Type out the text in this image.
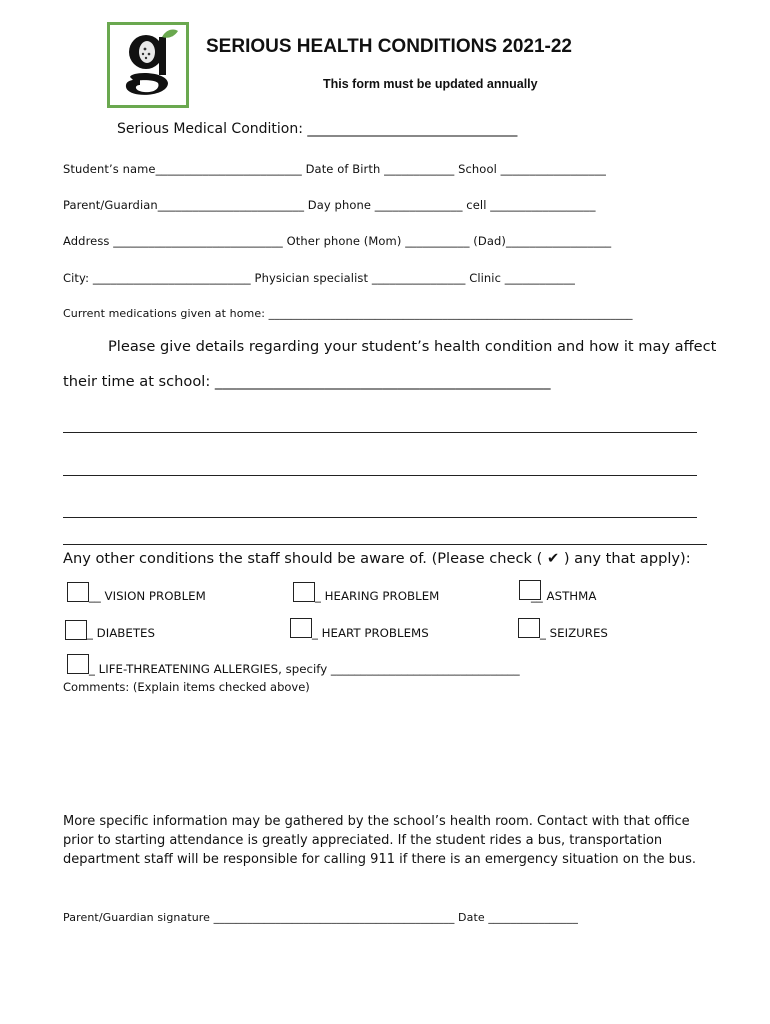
SERIOUS HEALTH CONDITIONS 2021-22
This form must be updated annually
Serious Medical Condition: ______________________________
Student’s name_________________________ Date of Birth ____________ School __________________
Parent/Guardian_________________________ Day phone _______________ cell __________________
Address _____________________________ Other phone (Mom) ___________ (Dad)__________________
City: ___________________________ Physician specialist ________________ Clinic ____________
Current medications given at home: _________________________________________________________________
Please give details regarding your student’s health condition and how it may affect
their time at school: ______________________________________________
Any other conditions the staff should be aware of. (Please check ( ✔ ) any that apply):
__ VISION PROBLEM	_ HEARING PROBLEM	__ ASTHMA
_ DIABETES	_ HEART PROBLEMS	_ SEIZURES
_ LIFE-THREATENING ALLERGIES, specify ________________________________
Comments: (Explain items checked above)
More specific information may be gathered by the school’s health room. Contact with that office
prior to starting attendance is greatly appreciated. If the student rides a bus, transportation
department staff will be responsible for calling 911 if there is an emergency situation on the bus.
Parent/Guardian signature ___________________________________________ Date ________________
